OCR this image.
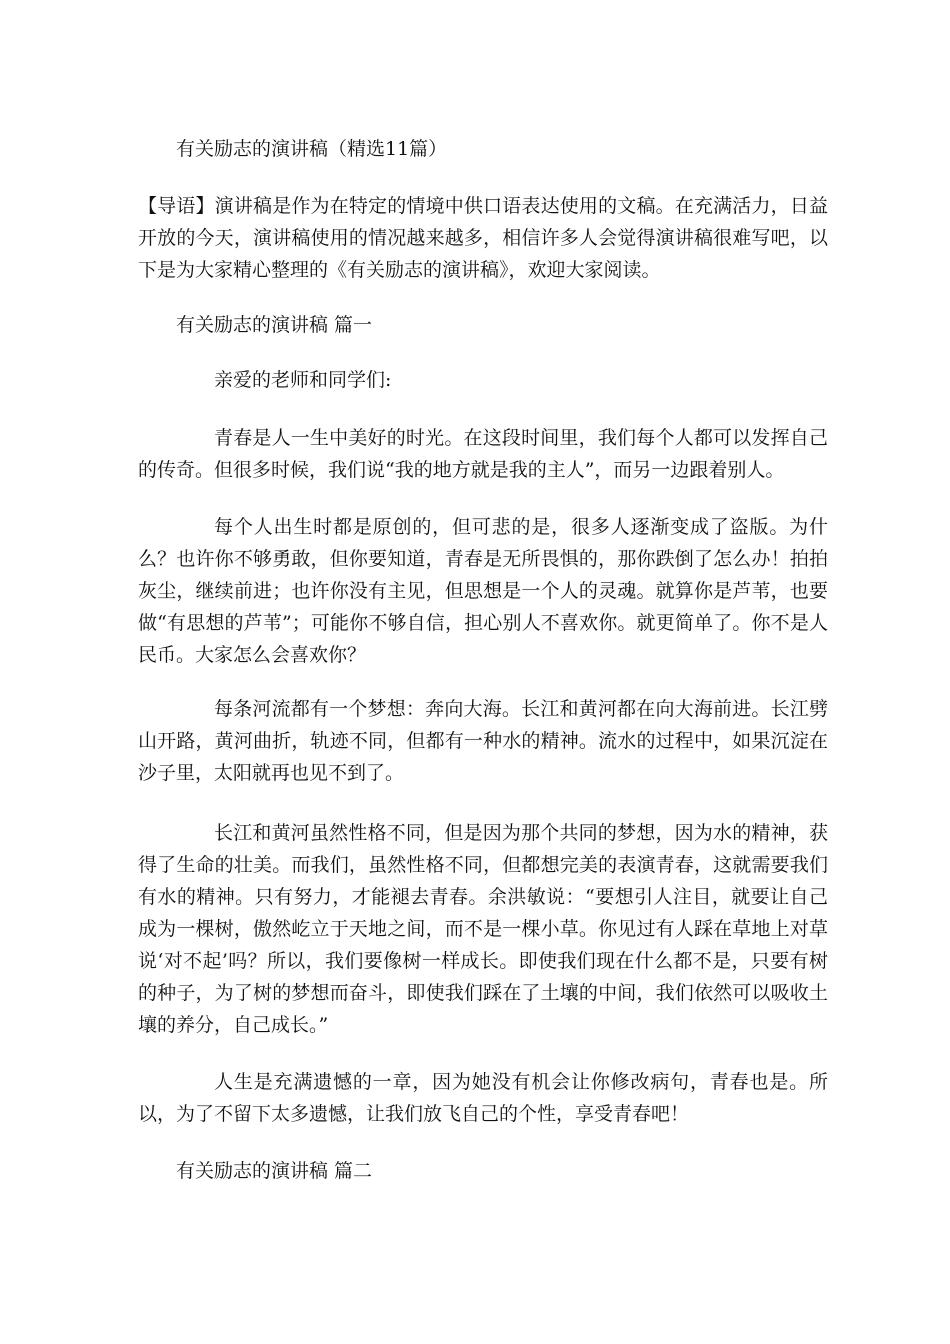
有关励志的演讲稿（精选11篇）
【导语】演讲稿是作为在特定的情境中供口语表达使用的文稿。在充满活力，日益开放的今天，演讲稿使用的情况越来越多，相信许多人会觉得演讲稿很难写吧，以下是为大家精心整理的《有关励志的演讲稿》，欢迎大家阅读。
有关励志的演讲稿 篇一
亲爱的老师和同学们:
青春是人一生中美好的时光。在这段时间里，我们每个人都可以发挥自己的传奇。但很多时候，我们说“我的地方就是我的主人”，而另一边跟着别人。
每个人出生时都是原创的，但可悲的是，很多人逐渐变成了盗版。为什么？也许你不够勇敢，但你要知道，青春是无所畏惧的，那你跌倒了怎么办！拍拍灰尘，继续前进；也许你没有主见，但思想是一个人的灵魂。就算你是芦苇，也要做“有思想的芦苇”；可能你不够自信，担心别人不喜欢你。就更简单了。你不是人民币。大家怎么会喜欢你？
每条河流都有一个梦想：奔向大海。长江和黄河都在向大海前进。长江劈山开路，黄河曲折，轨迹不同，但都有一种水的精神。流水的过程中，如果沉淀在沙子里，太阳就再也见不到了。
长江和黄河虽然性格不同，但是因为那个共同的梦想，因为水的精神，获得了生命的壮美。而我们，虽然性格不同，但都想完美的表演青春，这就需要我们有水的精神。只有努力，才能褪去青春。余洪敏说：“要想引人注目，就要让自己成为一棵树，傲然屹立于天地之间，而不是一棵小草。你见过有人踩在草地上对草说‘对不起’吗？所以，我们要像树一样成长。即使我们现在什么都不是，只要有树的种子，为了树的梦想而奋斗，即使我们踩在了土壤的中间，我们依然可以吸收土壤的养分，自己成长。”
人生是充满遗憾的一章，因为她没有机会让你修改病句，青春也是。所以，为了不留下太多遗憾，让我们放飞自己的个性，享受青春吧！
有关励志的演讲稿 篇二
